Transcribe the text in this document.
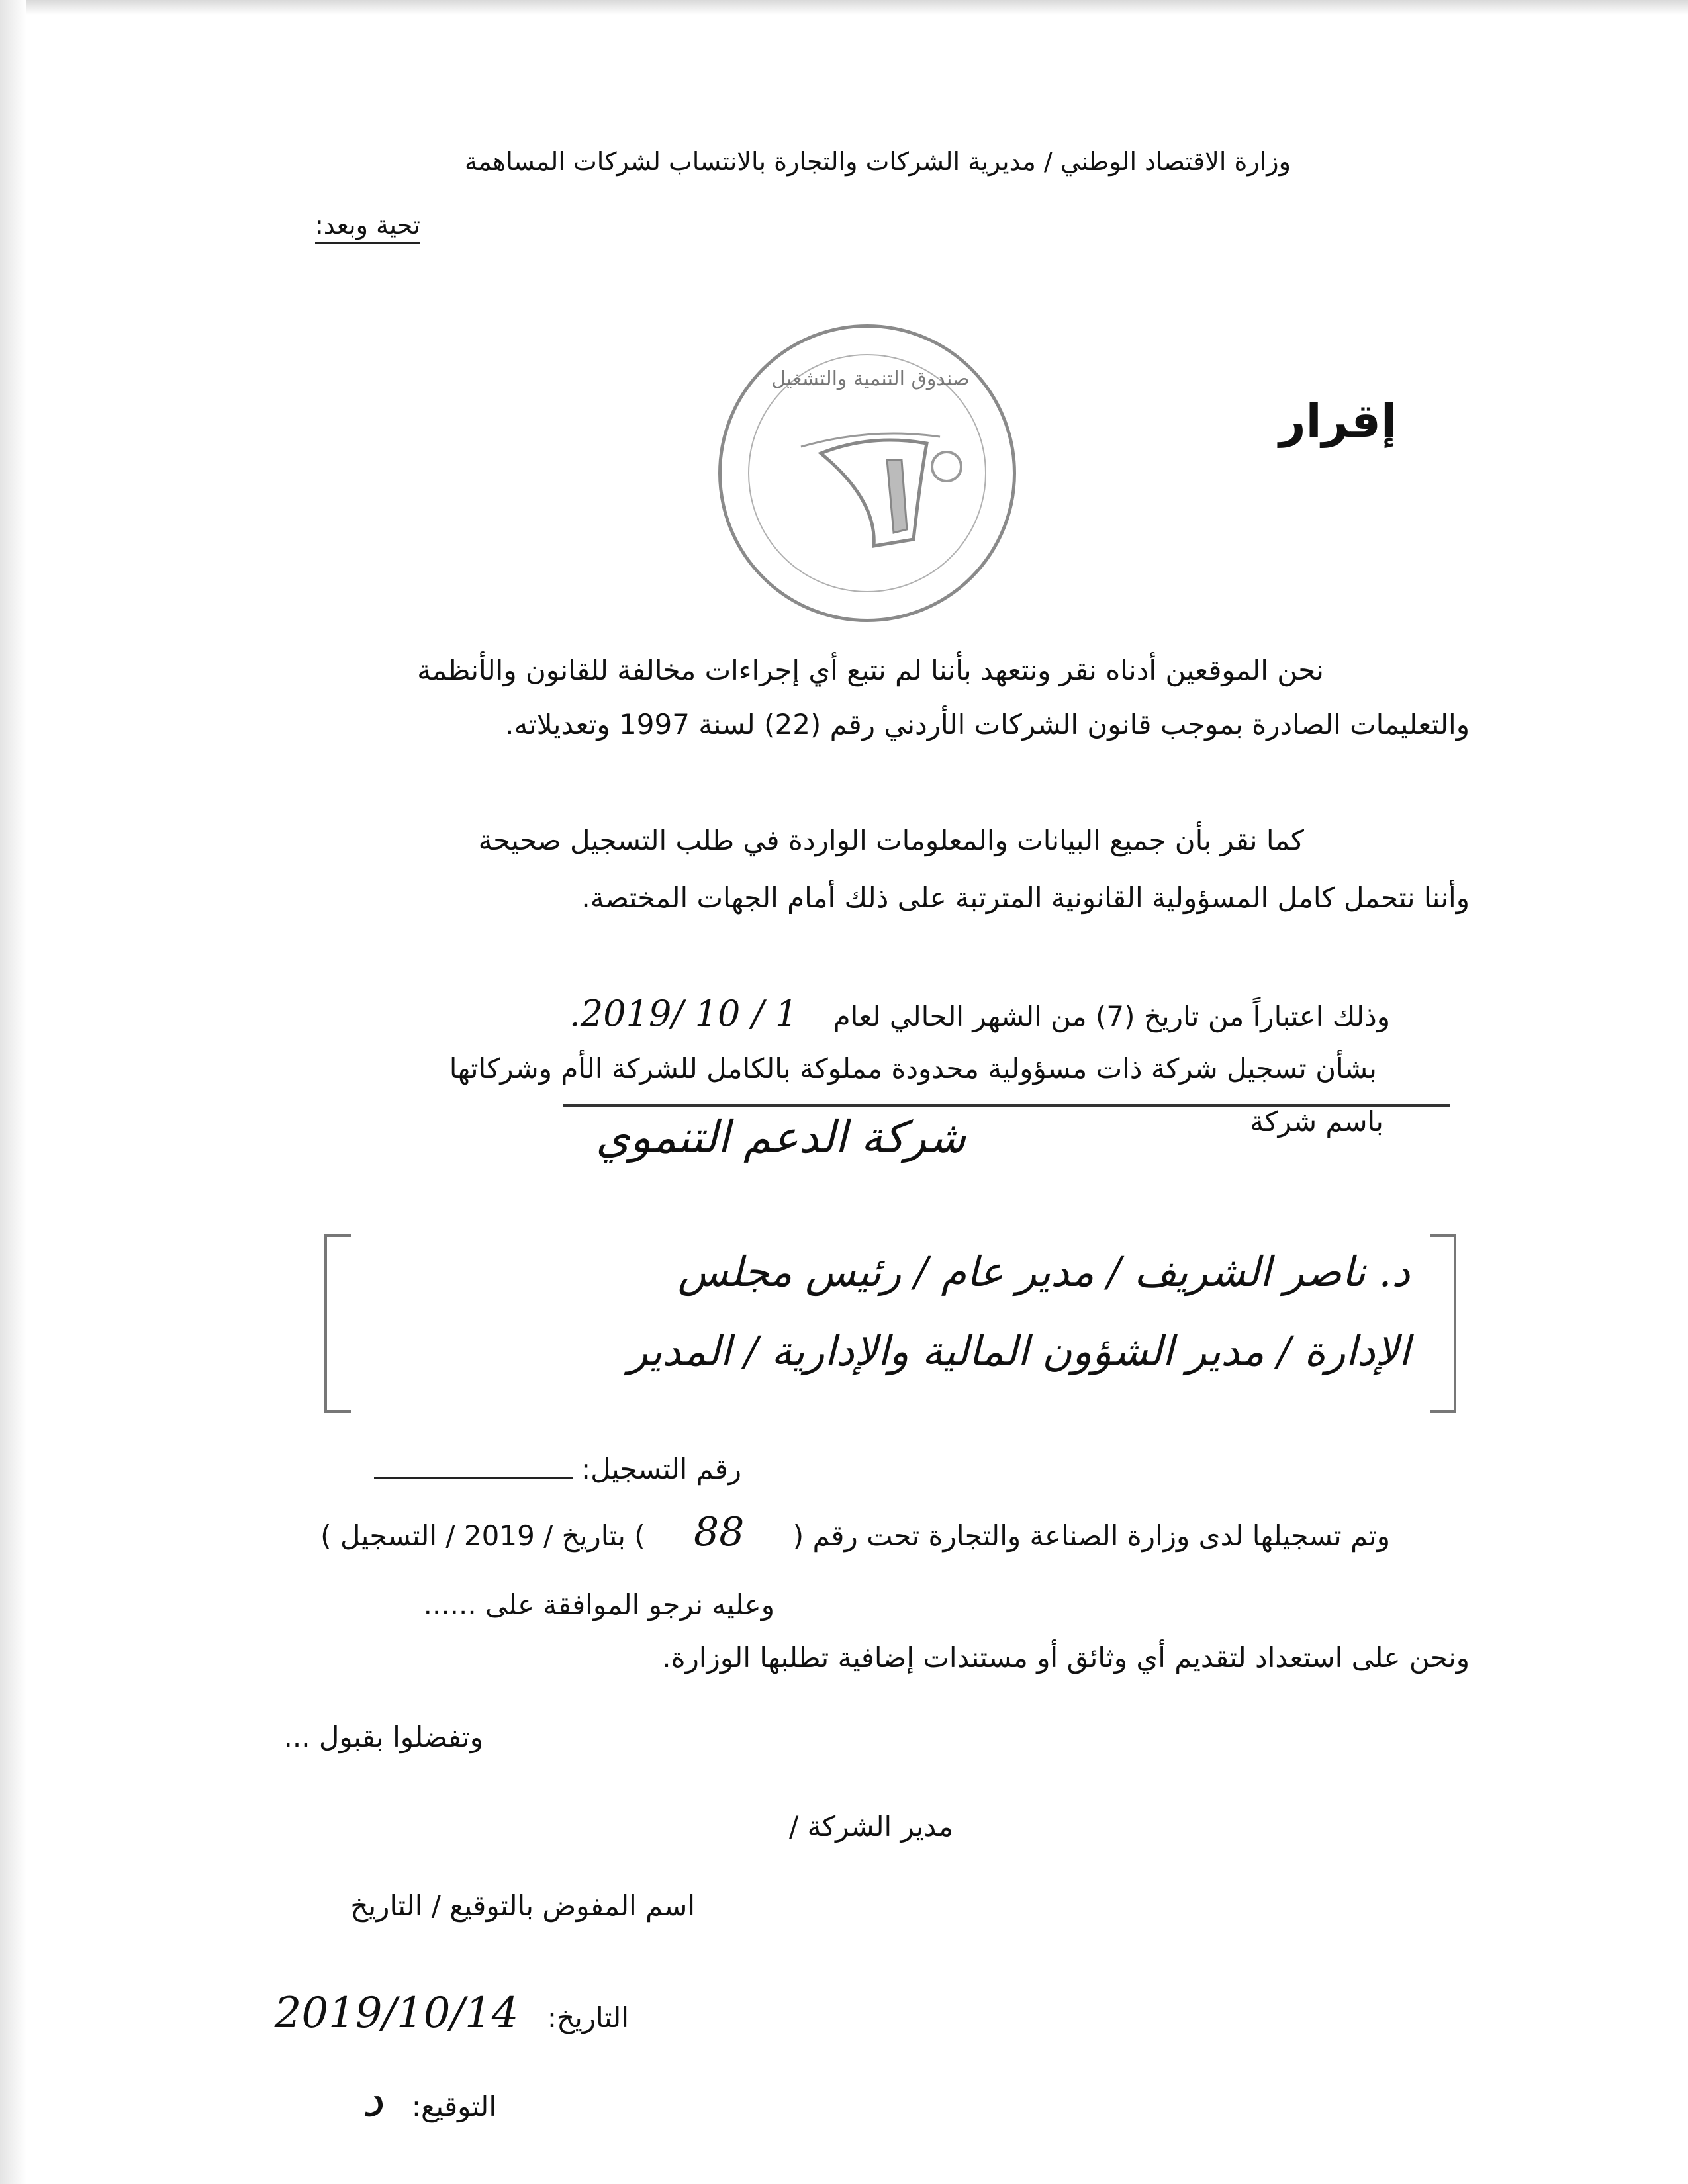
وزارة الاقتصاد الوطني / مديرية الشركات والتجارة بالانتساب لشركات المساهمة
تحية وبعد:
صندوق التنمية والتشغيل
إقرار
نحن الموقعين أدناه نقر ونتعهد بأننا لم نتبع أي إجراءات مخالفة للقانون والأنظمة
والتعليمات الصادرة بموجب قانون الشركات الأردني رقم (22) لسنة 1997 وتعديلاته.
كما نقر بأن جميع البيانات والمعلومات الواردة في طلب التسجيل صحيحة
وأننا نتحمل كامل المسؤولية القانونية المترتبة على ذلك أمام الجهات المختصة.
وذلك اعتباراً من تاريخ (7) من الشهر الحالي لعام 1 / 10 /2019.
بشأن تسجيل شركة ذات مسؤولية محدودة مملوكة بالكامل للشركة الأم وشركاتها
باسم شركة
شركة الدعم التنموي
د. ناصر الشريف / مدير عام / رئيس مجلس
الإدارة / مدير الشؤون المالية والإدارية / المدير
رقم التسجيل:
وتم تسجيلها لدى وزارة الصناعة والتجارة تحت رقم ( 88 ) بتاريخ / 2019 / التسجيل )
وعليه نرجو الموافقة على ......
ونحن على استعداد لتقديم أي وثائق أو مستندات إضافية تطلبها الوزارة.
وتفضلوا بقبول ...
مدير الشركة /
اسم المفوض بالتوقيع / التاريخ
التاريخ: 2019/10/14
التوقيع: د
